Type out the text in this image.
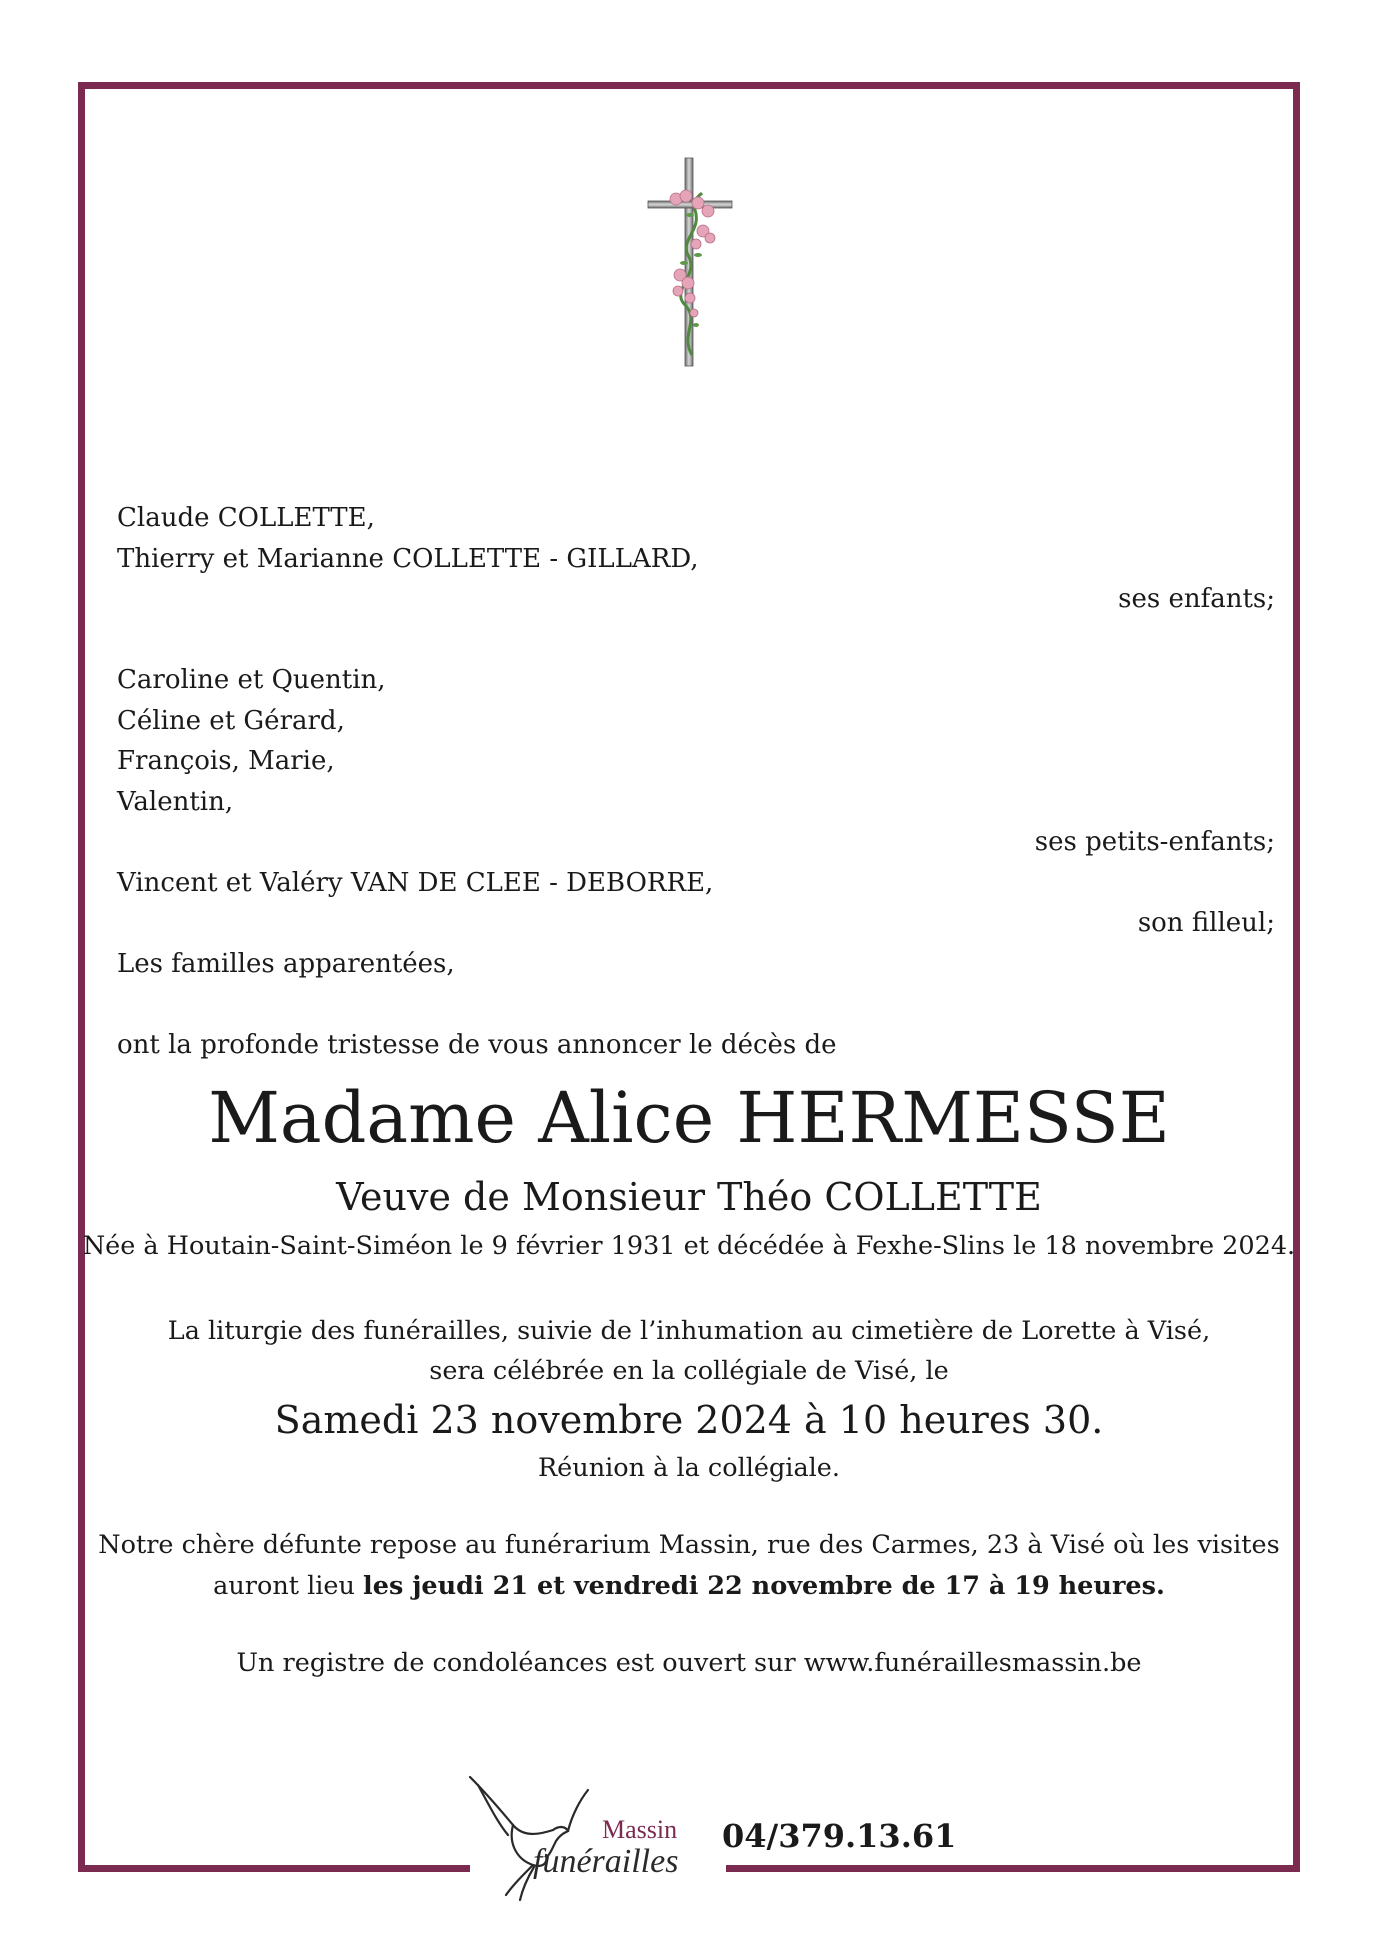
Claude COLLETTE,
Thierry et Marianne COLLETTE - GILLARD,
ses enfants;
Caroline et Quentin,
Céline et Gérard,
François, Marie,
Valentin,
ses petits-enfants;
Vincent et Valéry VAN DE CLEE - DEBORRE,
son filleul;
Les familles apparentées,
ont la profonde tristesse de vous annoncer le décès de
Madame Alice HERMESSE
Veuve de Monsieur Théo COLLETTE
Née à Houtain-Saint-Siméon le 9 février 1931 et décédée à Fexhe-Slins le 18 novembre 2024.
La liturgie des funérailles, suivie de l’inhumation au cimetière de Lorette à Visé,
sera célébrée en la collégiale de Visé, le
Samedi 23 novembre 2024 à 10 heures 30.
Réunion à la collégiale.
Notre chère défunte repose au funérarium Massin, rue des Carmes, 23 à Visé où les visites
auront lieu les jeudi 21 et vendredi 22 novembre de 17 à 19 heures.
Un registre de condoléances est ouvert sur www.funéraillesmassin.be
Massin
funérailles
04/379.13.61
